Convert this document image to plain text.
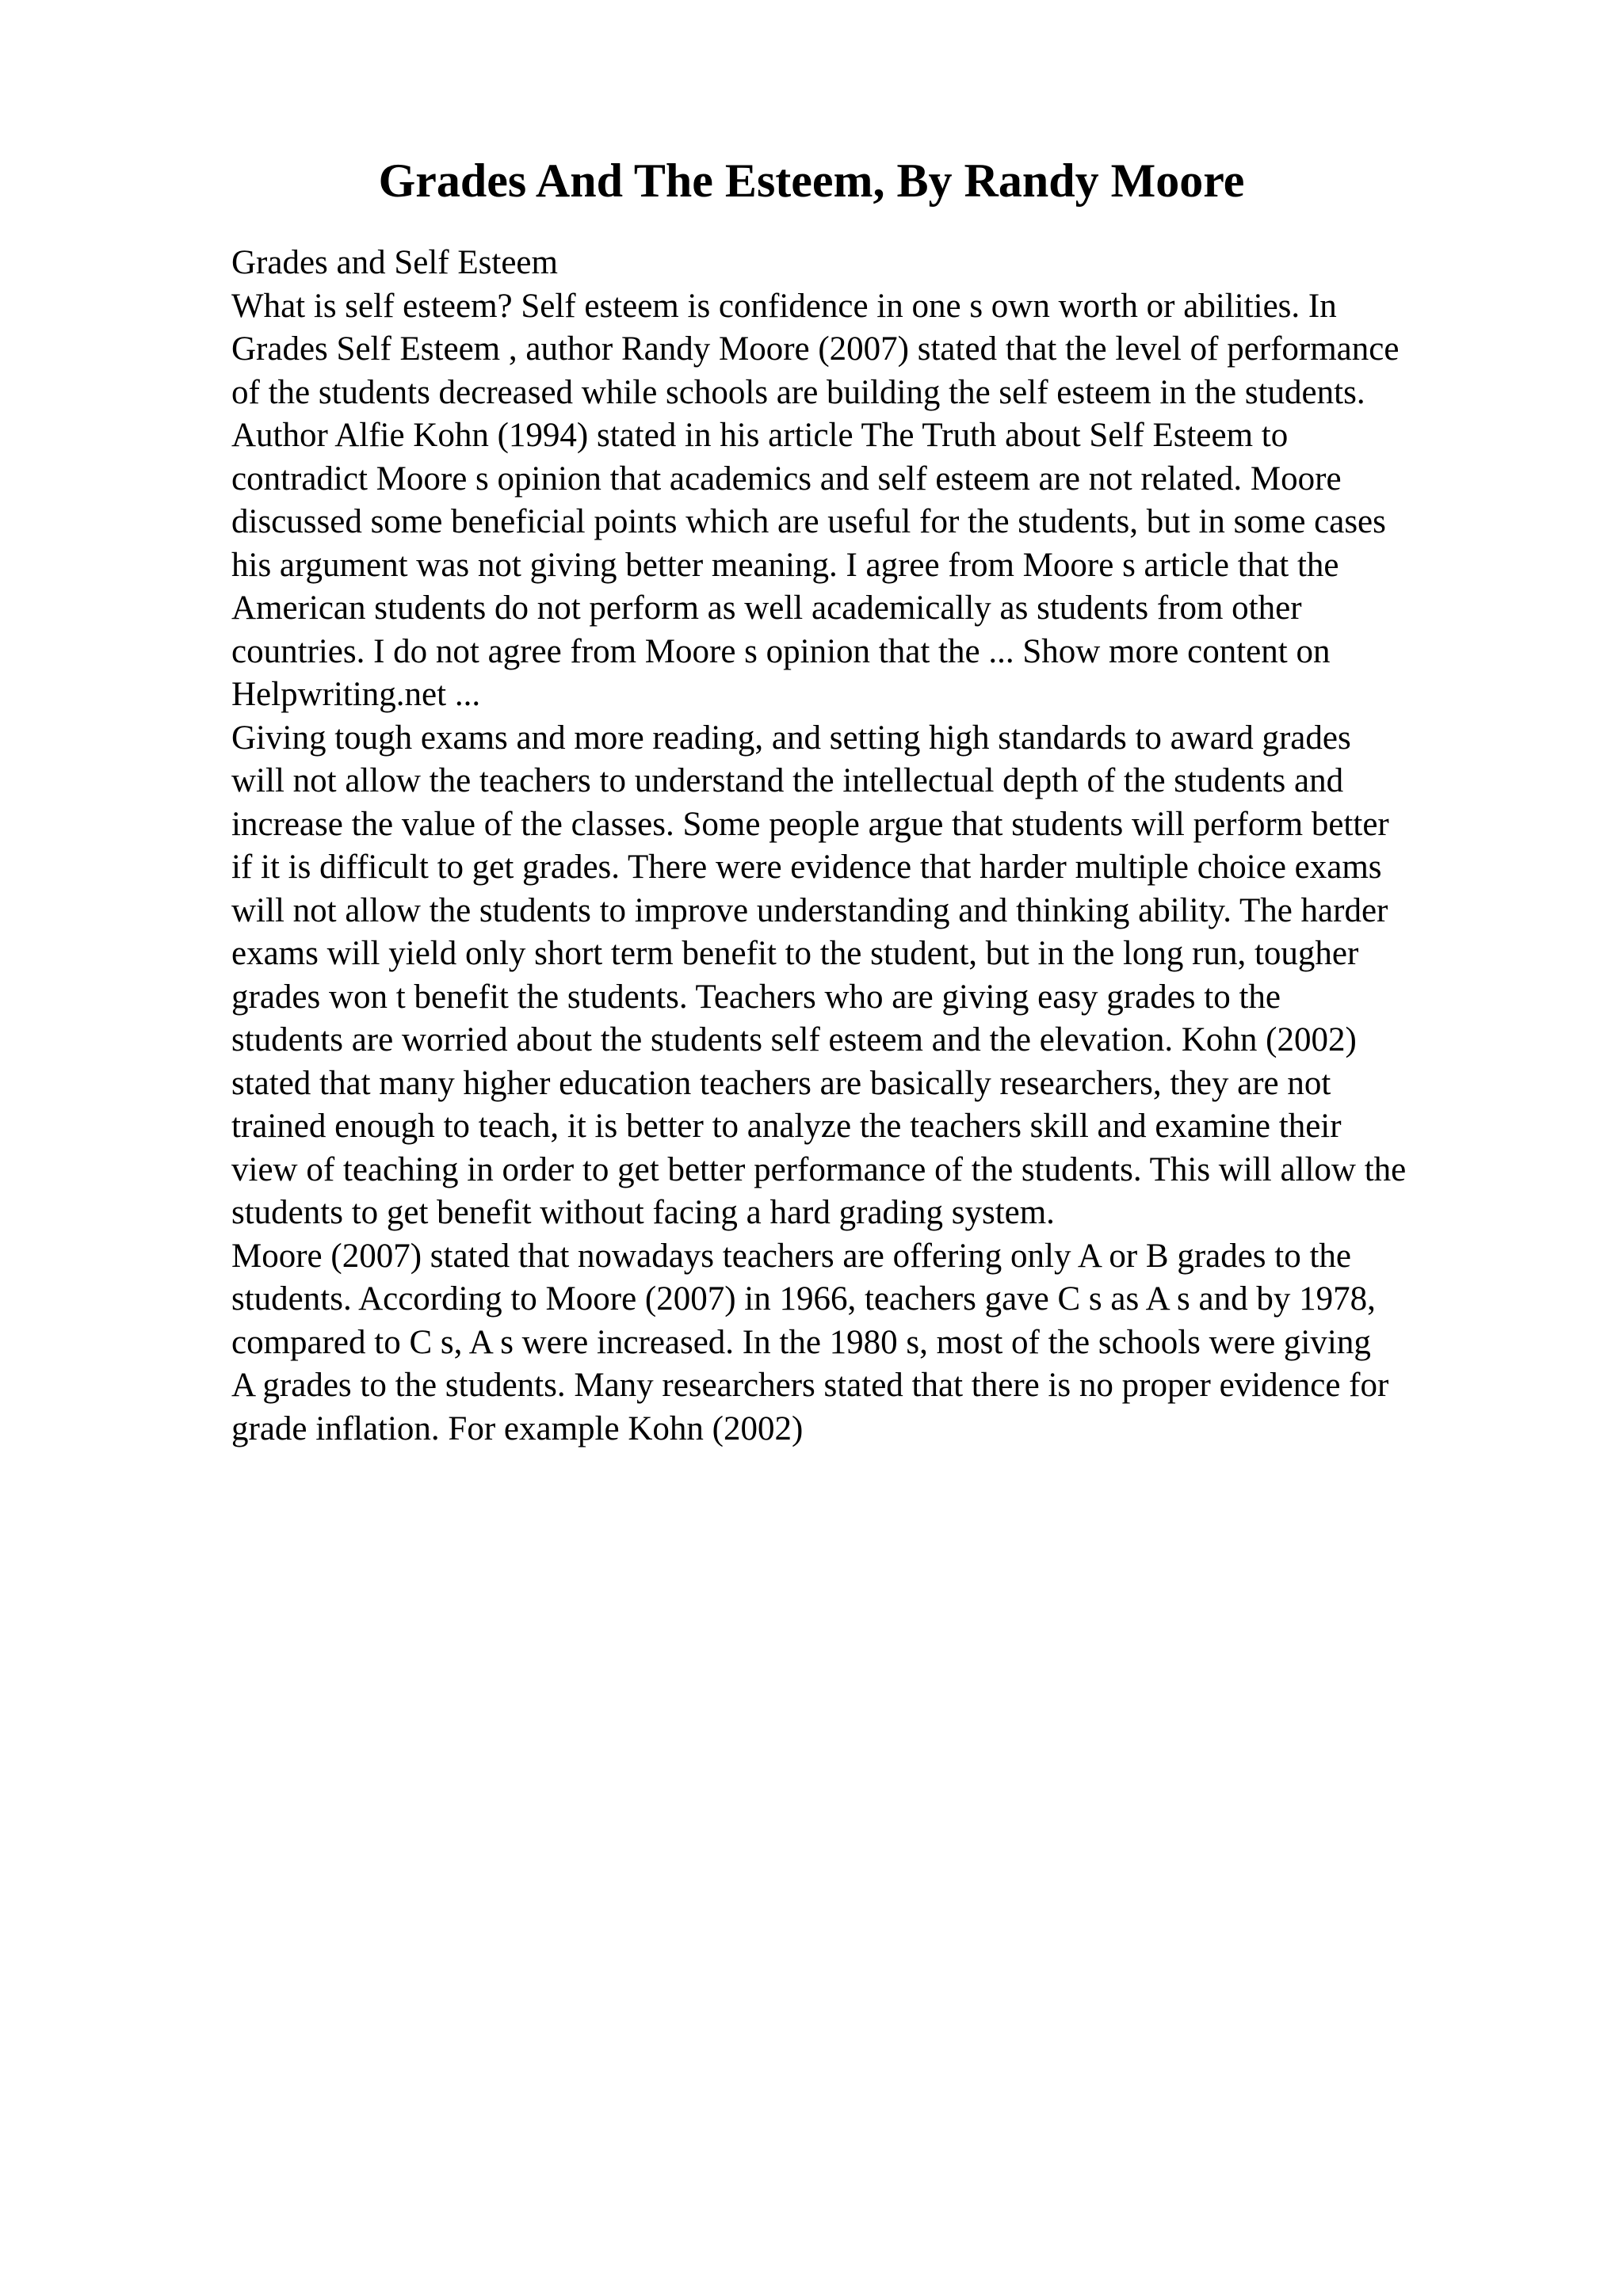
Grades And The Esteem, By Randy Moore

Grades and Self Esteem

What is self esteem? Self esteem is confidence in one s own worth or abilities. In
Grades Self Esteem , author Randy Moore (2007) stated that the level of performance
of the students decreased while schools are building the self esteem in the students.
Author Alfie Kohn (1994) stated in his article The Truth about Self Esteem to
contradict Moore s opinion that academics and self esteem are not related. Moore
discussed some beneficial points which are useful for the students, but in some cases
his argument was not giving better meaning. I agree from Moore s article that the
American students do not perform as well academically as students from other
countries. I do not agree from Moore s opinion that the ... Show more content on
Helpwriting.net ...

Giving tough exams and more reading, and setting high standards to award grades
will not allow the teachers to understand the intellectual depth of the students and
increase the value of the classes. Some people argue that students will perform better
if it is difficult to get grades. There were evidence that harder multiple choice exams
will not allow the students to improve understanding and thinking ability. The harder
exams will yield only short term benefit to the student, but in the long run, tougher
grades won t benefit the students. Teachers who are giving easy grades to the
students are worried about the students self esteem and the elevation. Kohn (2002)
stated that many higher education teachers are basically researchers, they are not
trained enough to teach, it is better to analyze the teachers skill and examine their
view of teaching in order to get better performance of the students. This will allow the
students to get benefit without facing a hard grading system.

Moore (2007) stated that nowadays teachers are offering only A or B grades to the
students. According to Moore (2007) in 1966, teachers gave C s as A s and by 1978,
compared to C s, A s were increased. In the 1980 s, most of the schools were giving
A grades to the students. Many researchers stated that there is no proper evidence for
grade inflation. For example Kohn (2002)
